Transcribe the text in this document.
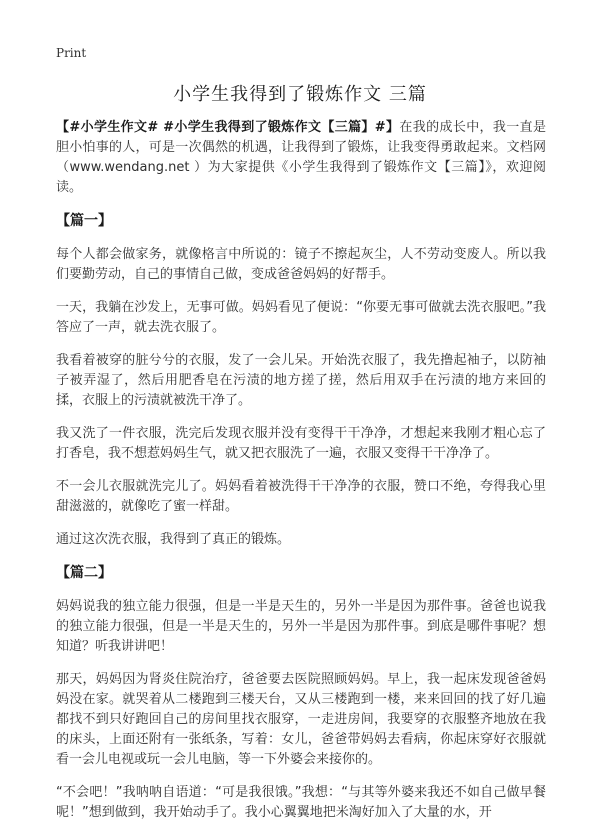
Print
小学生我得到了锻炼作文 三篇

【#小学生作文# #小学生我得到了锻炼作文【三篇】#】在我的成长中，我一直是胆小怕事的人，可是一次偶然的机遇，让我得到了锻炼，让我变得勇敢起来。文档网（www.wendang.net ）为大家提供《小学生我得到了锻炼作文【三篇】》，欢迎阅读。

【篇一】

每个人都会做家务，就像格言中所说的：镜子不擦起灰尘，人不劳动变废人。所以我们要勤劳动，自己的事情自己做，变成爸爸妈妈的好帮手。

一天，我躺在沙发上，无事可做。妈妈看见了便说：“你要无事可做就去洗衣服吧。”我答应了一声，就去洗衣服了。

我看着被穿的脏兮兮的衣服，发了一会儿呆。开始洗衣服了，我先撸起袖子，以防袖子被弄湿了，然后用肥香皂在污渍的地方搓了搓，然后用双手在污渍的地方来回的揉，衣服上的污渍就被洗干净了。

我又洗了一件衣服，洗完后发现衣服并没有变得干干净净，才想起来我刚才粗心忘了打香皂，我不想惹妈妈生气，就又把衣服洗了一遍，衣服又变得干干净净了。

不一会儿衣服就洗完儿了。妈妈看着被洗得干干净净的衣服，赞口不绝，夸得我心里甜滋滋的，就像吃了蜜一样甜。

通过这次洗衣服，我得到了真正的锻炼。

【篇二】

妈妈说我的独立能力很强，但是一半是天生的，另外一半是因为那件事。爸爸也说我的独立能力很强，但是一半是天生的，另外一半是因为那件事。到底是哪件事呢？想知道？听我讲讲吧！

那天，妈妈因为肾炎住院治疗，爸爸要去医院照顾妈妈。早上，我一起床发现爸爸妈妈没在家。就哭着从二楼跑到三楼天台，又从三楼跑到一楼，来来回回的找了好几遍都找不到只好跑回自己的房间里找衣服穿，一走进房间，我要穿的衣服整齐地放在我的床头，上面还附有一张纸条，写着：女儿，爸爸带妈妈去看病，你起床穿好衣服就看一会儿电视或玩一会儿电脑，等一下外婆会来接你的。

“不会吧！”我呐呐自语道：“可是我很饿。”我想：“与其等外婆来我还不如自己做早餐呢！”想到做到，我开始动手了。我小心翼翼地把米淘好加入了大量的水，开
